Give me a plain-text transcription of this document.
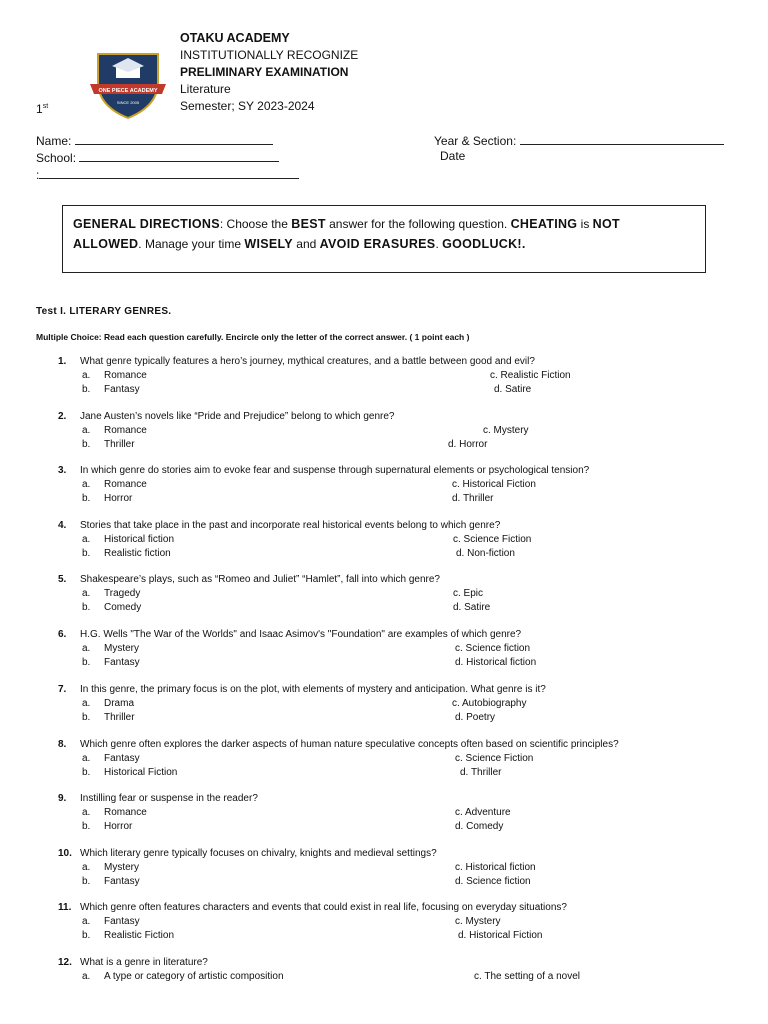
ONE PIECE ACADEMY
SINCE 2005
OTAKU ACADEMY
INSTITUTIONALLY RECOGNIZE
PRELIMINARY EXAMINATION
Literature
1st	Semester; SY 2023-2024
Name:
School:
:
Year & Section:
Date
GENERAL DIRECTIONS: Choose the BEST answer for the following question. CHEATING is NOT
ALLOWED. Manage your time WISELY and AVOID ERASURES. GOODLUCK!.
Test I. LITERARY GENRES.
Multiple Choice: Read each question carefully. Encircle only the letter of the correct answer. ( 1 point each )
1.	What genre typically features a hero’s journey, mythical creatures, and a battle between good and evil?
a. Romance
b. Fantasy
c. Realistic Fiction
d. Satire
2.	Jane Austen’s novels like “Pride and Prejudice” belong to which genre?
a. Romance
b. Thriller
c. Mystery
d. Horror
3.	In which genre do stories aim to evoke fear and suspense through supernatural elements or psychological tension?
a. Romance
b. Horror
c. Historical Fiction
d. Thriller
4.	Stories that take place in the past and incorporate real historical events belong to which genre?
a. Historical fiction
b. Realistic fiction
c. Science Fiction
d. Non-fiction
5.	Shakespeare’s plays, such as “Romeo and Juliet” “Hamlet”, fall into which genre?
a. Tragedy
b. Comedy
c. Epic
d. Satire
6.	H.G. Wells "The War of the Worlds" and Isaac Asimov's "Foundation" are examples of which genre?
a. Mystery
b. Fantasy
c. Science fiction
d. Historical fiction
7.	In this genre, the primary focus is on the plot, with elements of mystery and anticipation. What genre is it?
a. Drama
b. Thriller
c. Autobiography
d. Poetry
8.	Which genre often explores the darker aspects of human nature speculative concepts often based on scientific principles?
a. Fantasy
b. Historical Fiction
c. Science Fiction
d. Thriller
9.	Instilling fear or suspense in the reader?
a. Romance
b. Horror
c. Adventure
d. Comedy
10. Which literary genre typically focuses on chivalry, knights and medieval settings?
a. Mystery
b. Fantasy
c. Historical fiction
d. Science fiction
11. Which genre often features characters and events that could exist in real life, focusing on everyday situations?
a. Fantasy
b. Realistic Fiction
c. Mystery
d. Historical Fiction
12. What is a genre in literature?
a. A type or category of artistic composition	c. The setting of a novel
